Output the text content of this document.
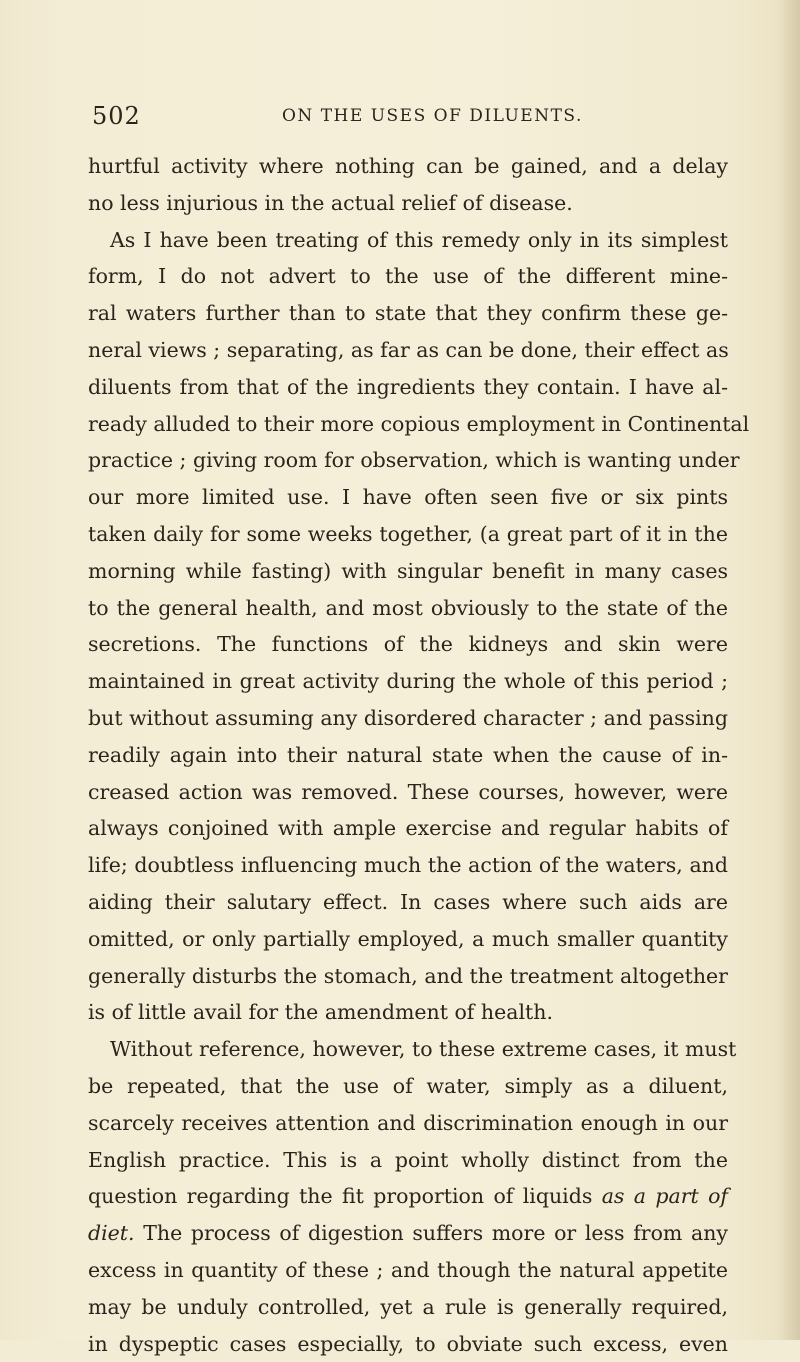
502	ON THE USES OF DILUENTS.
hurtful activity where nothing can be gained, and a delay
no less injurious in the actual relief of disease.
As I have been treating of this remedy only in its simplest
form, I do not advert to the use of the different mine-
ral waters further than to state that they confirm these ge-
neral views ; separating, as far as can be done, their effect as
diluents from that of the ingredients they contain. I have al-
ready alluded to their more copious employment in Continental
practice ; giving room for observation, which is wanting under
our more limited use. I have often seen five or six pints
taken daily for some weeks together, (a great part of it in the
morning while fasting) with singular benefit in many cases
to the general health, and most obviously to the state of the
secretions. The functions of the kidneys and skin were
maintained in great activity during the whole of this period ;
but without assuming any disordered character ; and passing
readily again into their natural state when the cause of in-
creased action was removed. These courses, however, were
always conjoined with ample exercise and regular habits of
life; doubtless influencing much the action of the waters, and
aiding their salutary effect. In cases where such aids are
omitted, or only partially employed, a much smaller quantity
generally disturbs the stomach, and the treatment altogether
is of little avail for the amendment of health.
Without reference, however, to these extreme cases, it must
be repeated, that the use of water, simply as a diluent,
scarcely receives attention and discrimination enough in our
English practice. This is a point wholly distinct from the
question regarding the fit proportion of liquids as a part of
diet. The process of digestion suffers more or less from any
excess in quantity of these ; and though the natural appetite
may be unduly controlled, yet a rule is generally required,
in dyspeptic cases especially, to obviate such excess, even
